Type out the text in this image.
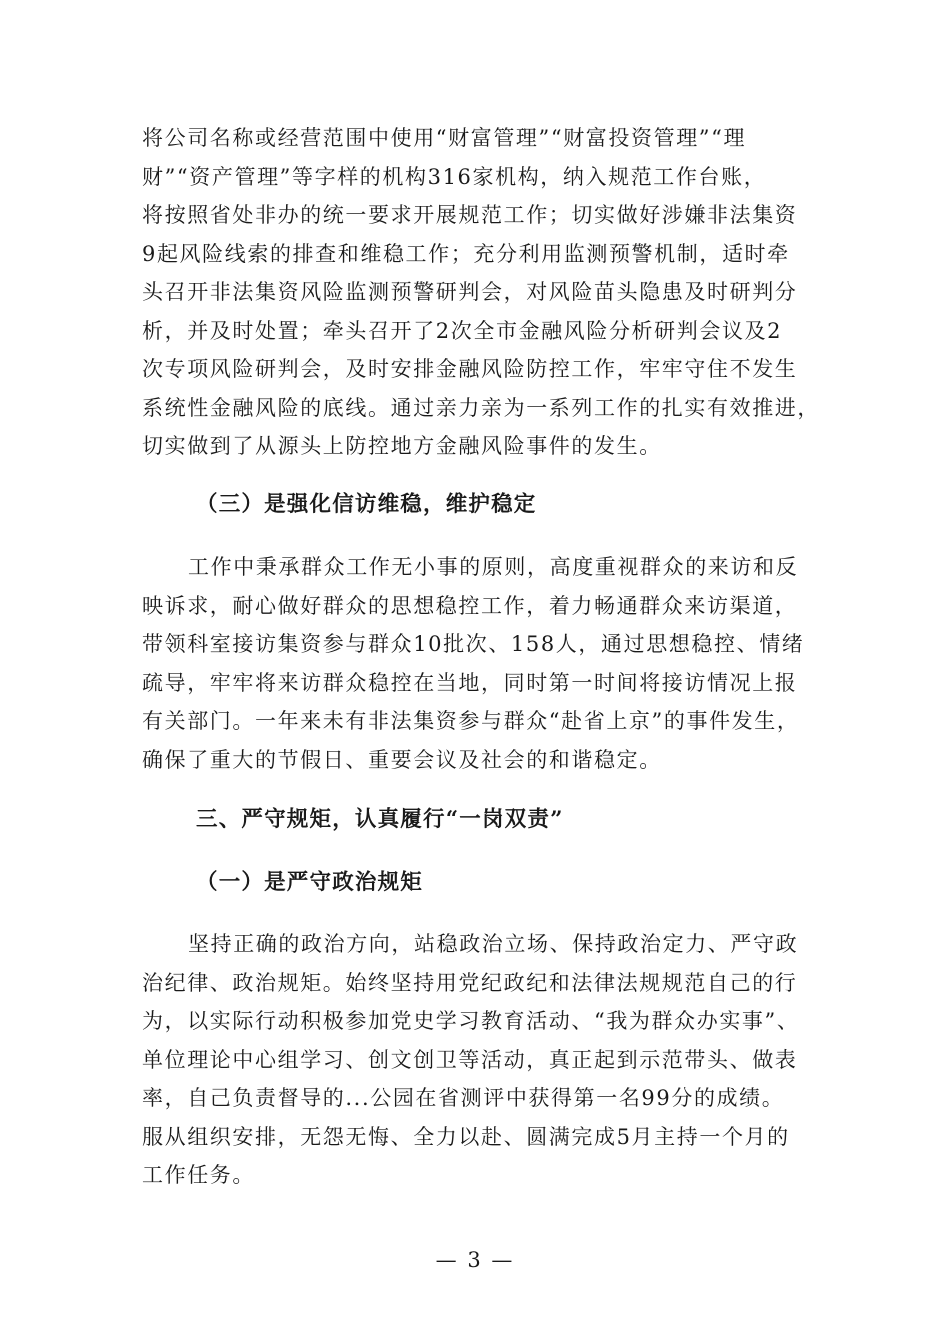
将公司名称或经营范围中使用“财富管理”“财富投资管理”“理
财”“资产管理”等字样的机构316家机构，纳入规范工作台账，
将按照省处非办的统一要求开展规范工作；切实做好涉嫌非法集资
9起风险线索的排查和维稳工作；充分利用监测预警机制，适时牵
头召开非法集资风险监测预警研判会，对风险苗头隐患及时研判分
析，并及时处置；牵头召开了2次全市金融风险分析研判会议及2
次专项风险研判会，及时安排金融风险防控工作，牢牢守住不发生
系统性金融风险的底线。通过亲力亲为一系列工作的扎实有效推进，
切实做到了从源头上防控地方金融风险事件的发生。
（三）是强化信访维稳，维护稳定
工作中秉承群众工作无小事的原则，高度重视群众的来访和反
映诉求，耐心做好群众的思想稳控工作，着力畅通群众来访渠道，
带领科室接访集资参与群众10批次、158人，通过思想稳控、情绪
疏导，牢牢将来访群众稳控在当地，同时第一时间将接访情况上报
有关部门。一年来未有非法集资参与群众“赴省上京”的事件发生，
确保了重大的节假日、重要会议及社会的和谐稳定。
三、严守规矩，认真履行“一岗双责”
（一）是严守政治规矩
坚持正确的政治方向，站稳政治立场、保持政治定力、严守政
治纪律、政治规矩。始终坚持用党纪政纪和法律法规规范自己的行
为，以实际行动积极参加党史学习教育活动、“我为群众办实事”、
单位理论中心组学习、创文创卫等活动，真正起到示范带头、做表
率，自己负责督导的...公园在省测评中获得第一名99分的成绩。
服从组织安排，无怨无悔、全力以赴、圆满完成5月主持一个月的
工作任务。
— 3 —
